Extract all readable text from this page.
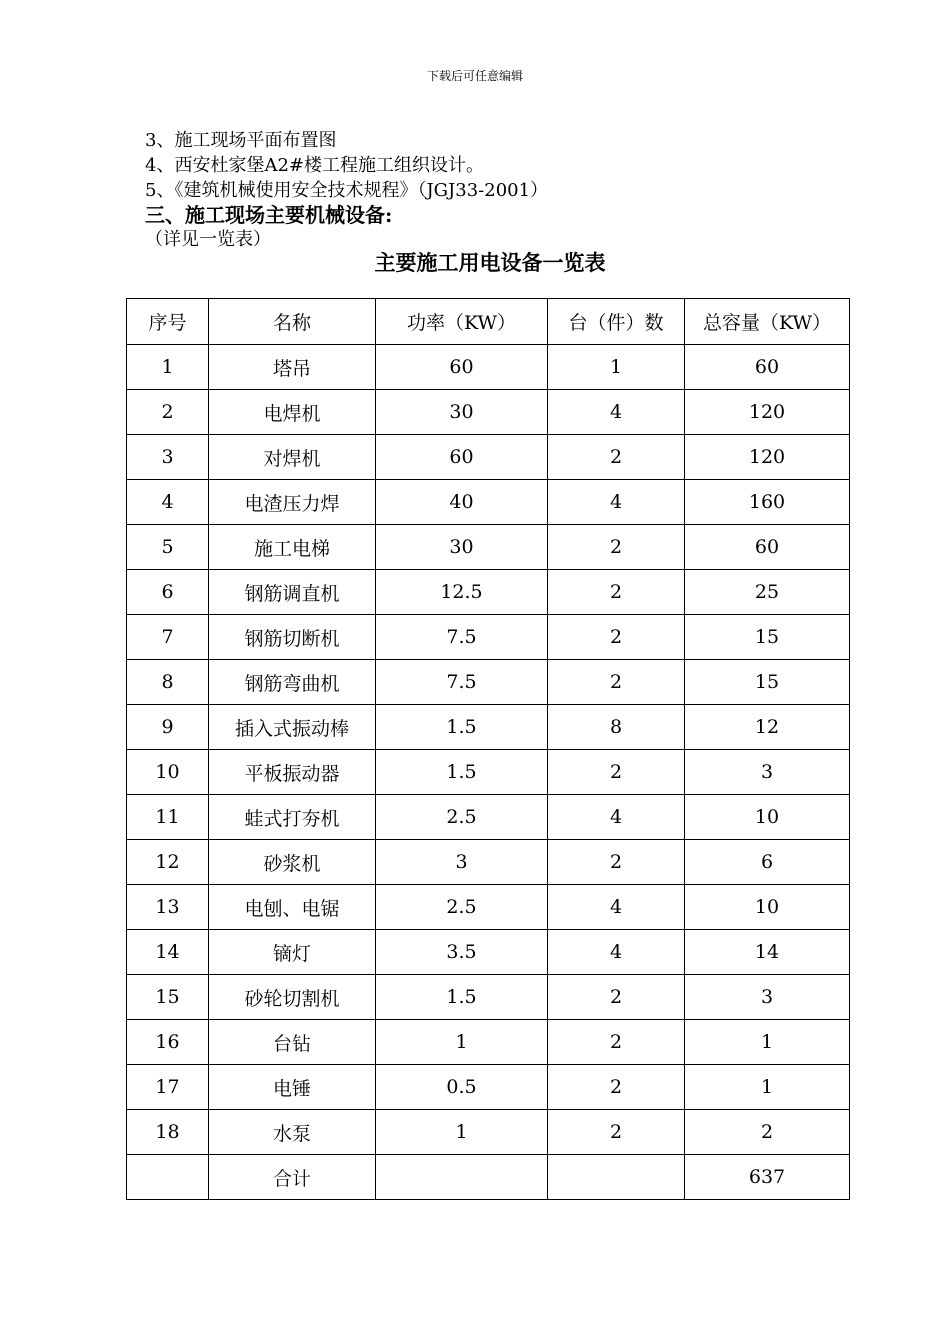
下载后可任意编辑
3、施工现场平面布置图
4、西安杜家堡A2#楼工程施工组织设计。
5、《建筑机械使用安全技术规程》（JGJ33-2001）
三、施工现场主要机械设备:
（详见一览表）
主要施工用电设备一览表
序号	名称	功率（KW）	台（件）数	总容量（KW）
1	塔吊	60	1	60
2	电焊机	30	4	120
3	对焊机	60	2	120
4	电渣压力焊	40	4	160
5	施工电梯	30	2	60
6	钢筋调直机	12.5	2	25
7	钢筋切断机	7.5	2	15
8	钢筋弯曲机	7.5	2	15
9	插入式振动棒	1.5	8	12
10	平板振动器	1.5	2	3
11	蛙式打夯机	2.5	4	10
12	砂浆机	3	2	6
13	电刨、电锯	2.5	4	10
14	镝灯	3.5	4	14
15	砂轮切割机	1.5	2	3
16	台钻	1	2	1
17	电锤	0.5	2	1
18	水泵	1	2	2
	合计			637
